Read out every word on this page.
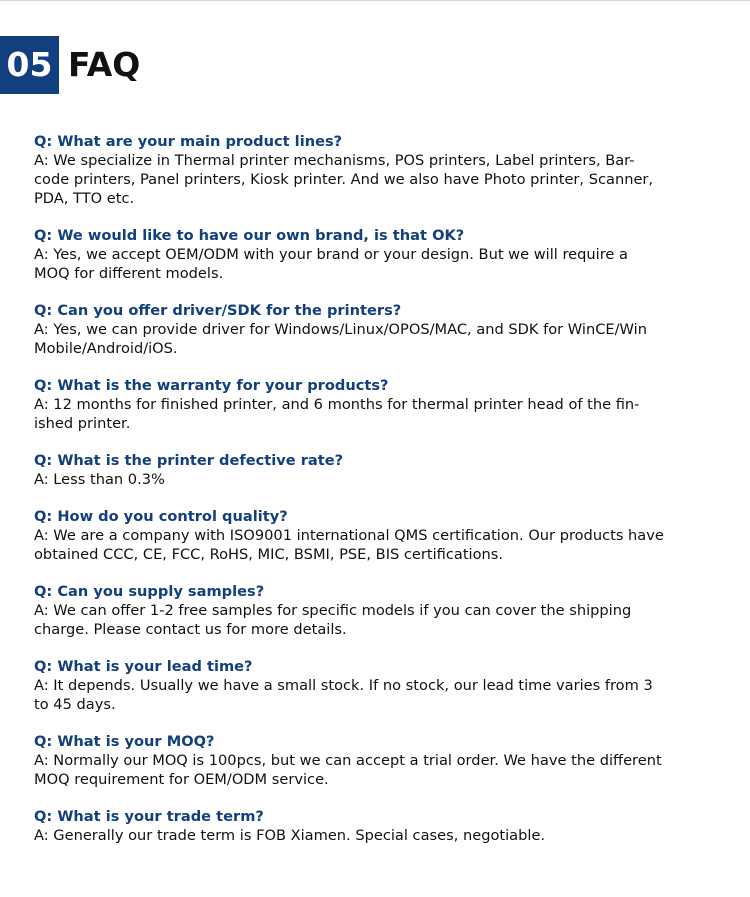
05 FAQ
Q: What are your main product lines?
A: We specialize in Thermal printer mechanisms, POS printers, Label printers, Bar-
code printers, Panel printers, Kiosk printer. And we also have Photo printer, Scanner,
PDA, TTO etc.
Q: We would like to have our own brand, is that OK?
A: Yes, we accept OEM/ODM with your brand or your design. But we will require a
MOQ for different models.
Q: Can you offer driver/SDK for the printers?
A: Yes, we can provide driver for Windows/Linux/OPOS/MAC, and SDK for WinCE/Win
Mobile/Android/iOS.
Q: What is the warranty for your products?
A: 12 months for finished printer, and 6 months for thermal printer head of the fin-
ished printer.
Q: What is the printer defective rate?
A: Less than 0.3%
Q: How do you control quality?
A: We are a company with ISO9001 international QMS certification. Our products have
obtained CCC, CE, FCC, RoHS, MIC, BSMI, PSE, BIS certifications.
Q: Can you supply samples?
A: We can offer 1-2 free samples for specific models if you can cover the shipping
charge. Please contact us for more details.
Q: What is your lead time?
A: It depends. Usually we have a small stock. If no stock, our lead time varies from 3
to 45 days.
Q: What is your MOQ?
A: Normally our MOQ is 100pcs, but we can accept a trial order. We have the different
MOQ requirement for OEM/ODM service.
Q: What is your trade term?
A: Generally our trade term is FOB Xiamen. Special cases, negotiable.
